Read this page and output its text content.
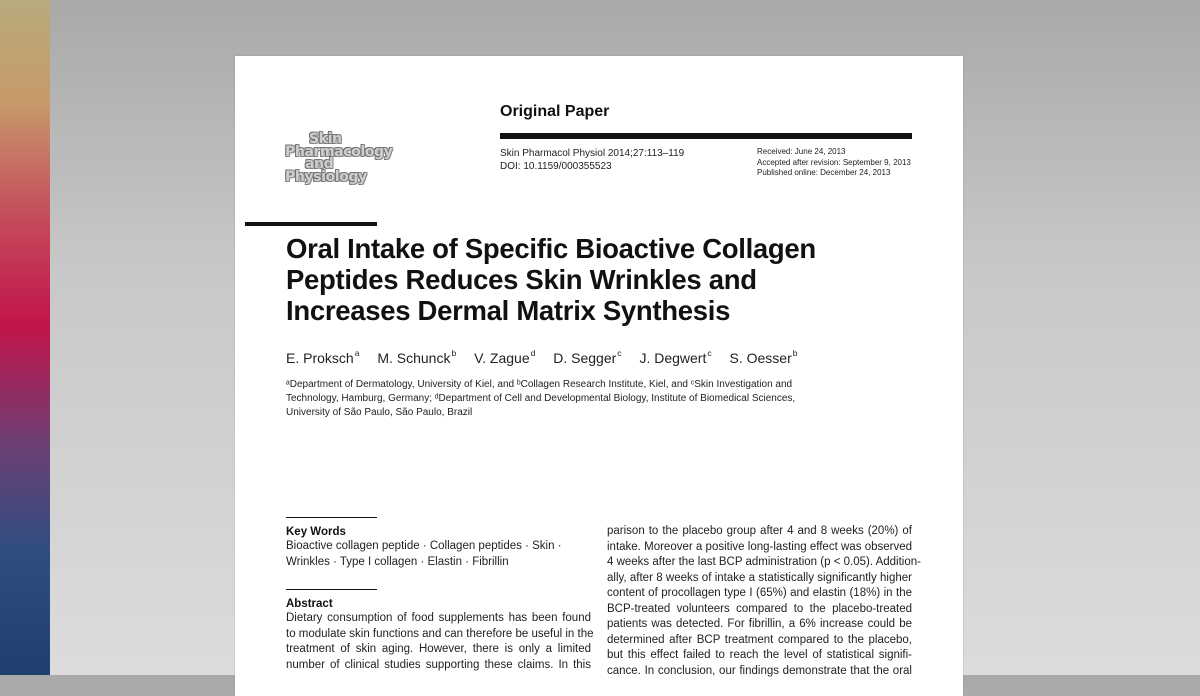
Skin
Pharmacology
and
Physiology
Original Paper
Skin Pharmacol Physiol 2014;27:113–119
DOI: 10.1159/000355523
Received: June 24, 2013
Accepted after revision: September 9, 2013
Published online: December 24, 2013
Oral Intake of Specific Bioactive Collagen
Peptides Reduces Skin Wrinkles and
Increases Dermal Matrix Synthesis
E. Proksch$^a$ M. Schunck$^b$ V. Zague$^d$ D. Segger$^c$ J. Degwert$^c$ S. Oesser$^b$
ᵃDepartment of Dermatology, University of Kiel, and ᵇCollagen Research Institute, Kiel, and ᶜSkin Investigation and
Technology, Hamburg, Germany; ᵈDepartment of Cell and Developmental Biology, Institute of Biomedical Sciences,
University of São Paulo, São Paulo, Brazil
Key Words
Bioactive collagen peptide · Collagen peptides · Skin ·
Wrinkles · Type I collagen · Elastin · Fibrillin
Abstract
Dietary consumption of food supplements has been found
to modulate skin functions and can therefore be useful in the
treatment of skin aging. However, there is only a limited
number of clinical studies supporting these claims. In this
parison to the placebo group after 4 and 8 weeks (20%) of
intake. Moreover a positive long-lasting effect was observed
4 weeks after the last BCP administration (p < 0.05). Addition-
ally, after 8 weeks of intake a statistically significantly higher
content of procollagen type I (65%) and elastin (18%) in the
BCP-treated volunteers compared to the placebo-treated
patients was detected. For fibrillin, a 6% increase could be
determined after BCP treatment compared to the placebo,
but this effect failed to reach the level of statistical signifi-
cance. In conclusion, our findings demonstrate that the oral
